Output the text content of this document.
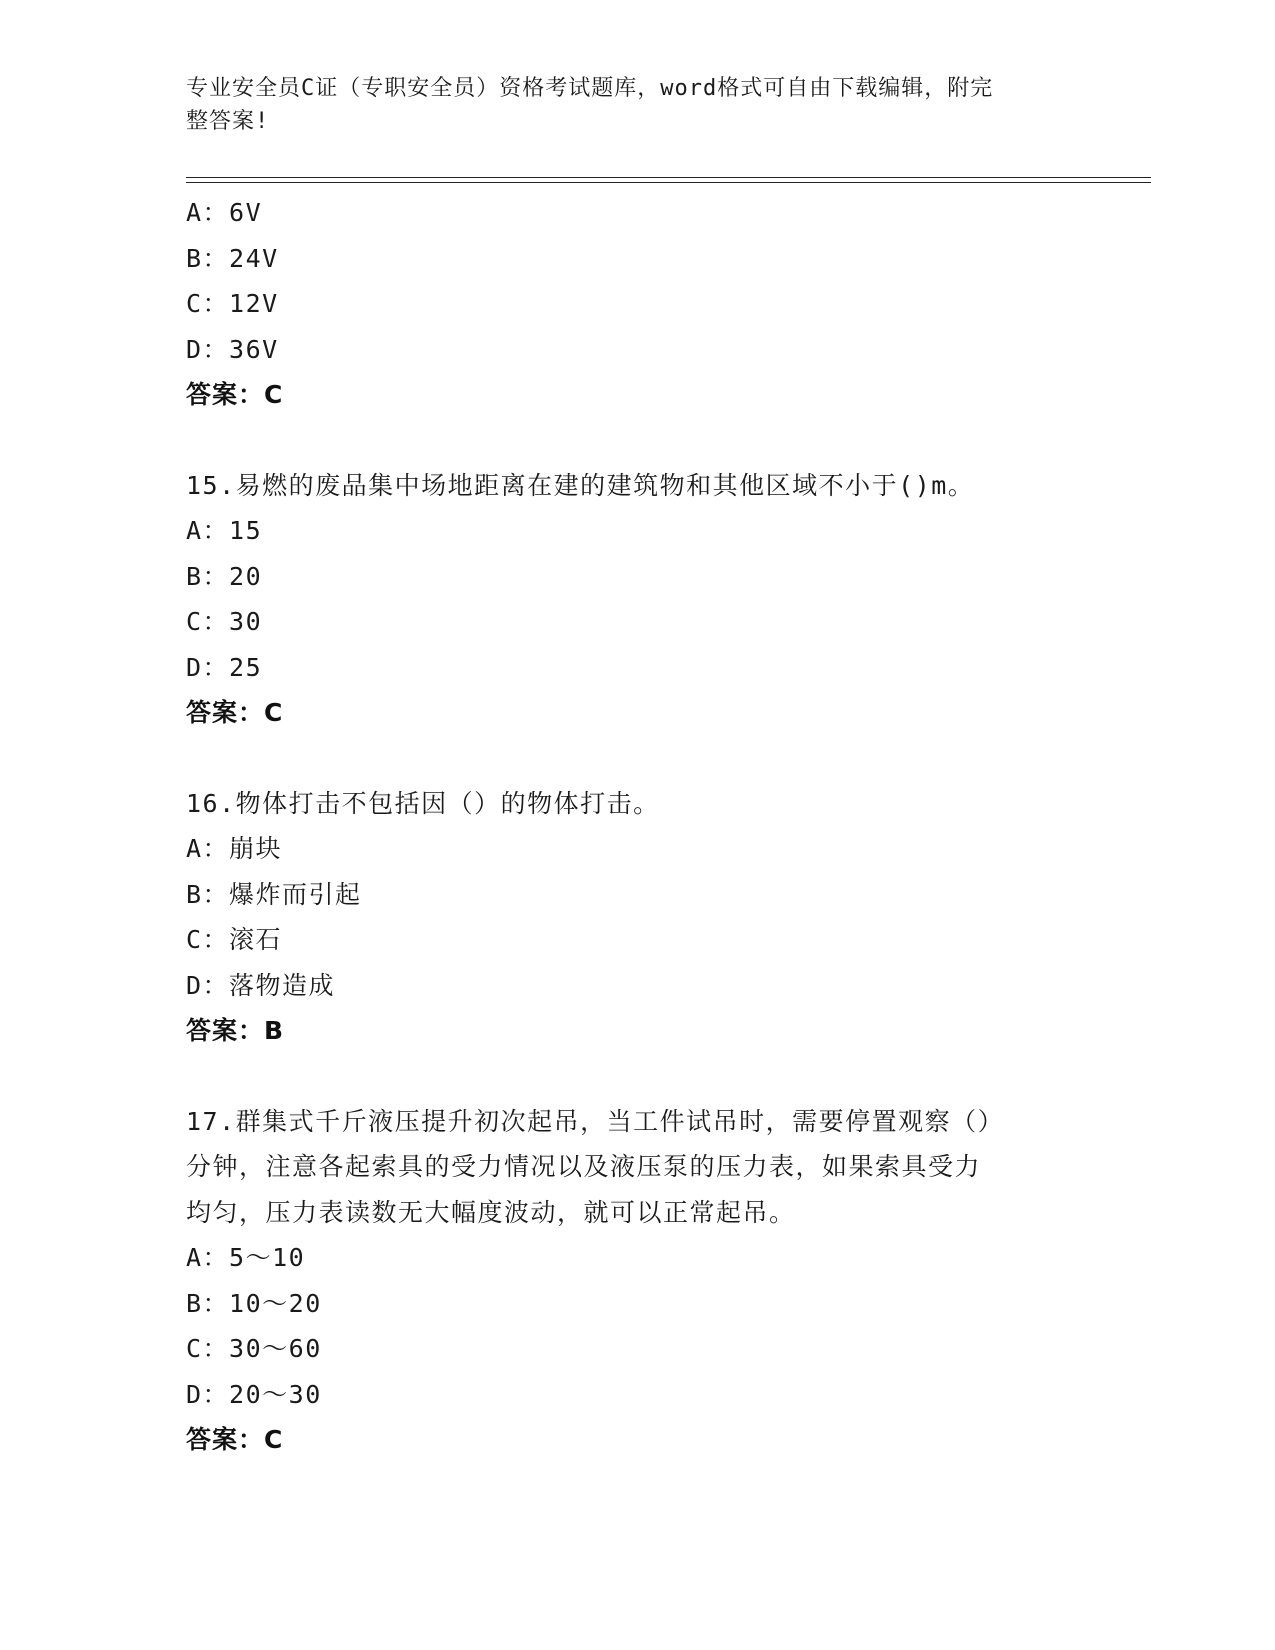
专业安全员C证（专职安全员）资格考试题库，word格式可自由下载编辑，附完
整答案!
A：6V
B：24V
C：12V
D：36V
答案：C
15.易燃的废品集中场地距离在建的建筑物和其他区域不小于()m。
A：15
B：20
C：30
D：25
答案：C
16.物体打击不包括因（）的物体打击。
A：崩块
B：爆炸而引起
C：滚石
D：落物造成
答案：B
17.群集式千斤液压提升初次起吊，当工件试吊时，需要停置观察（）
分钟，注意各起索具的受力情况以及液压泵的压力表，如果索具受力
均匀，压力表读数无大幅度波动，就可以正常起吊。
A：5～10
B：10～20
C：30～60
D：20～30
答案：C
